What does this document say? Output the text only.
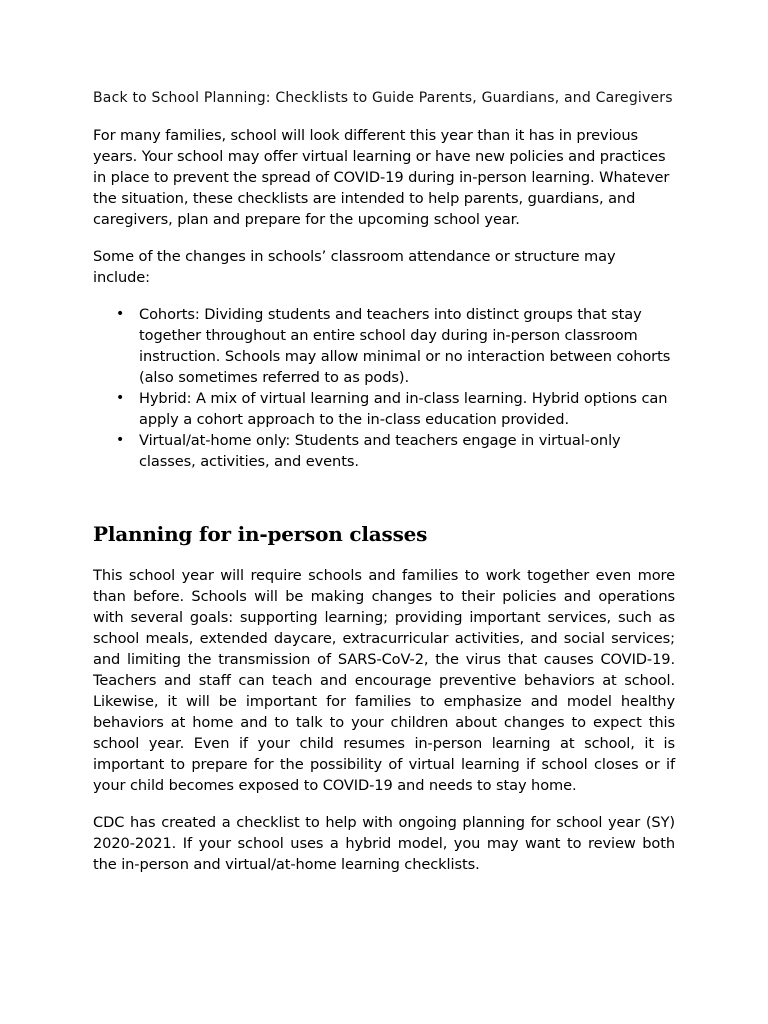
Back to School Planning: Checklists to Guide Parents, Guardians, and Caregivers

For many families, school will look different this year than it has in previous years. Your school may offer virtual learning or have new policies and practices in place to prevent the spread of COVID-19 during in-person learning. Whatever the situation, these checklists are intended to help parents, guardians, and caregivers, plan and prepare for the upcoming school year.

Some of the changes in schools’ classroom attendance or structure may include:

• Cohorts: Dividing students and teachers into distinct groups that stay together throughout an entire school day during in-person classroom instruction. Schools may allow minimal or no interaction between cohorts (also sometimes referred to as pods).
• Hybrid: A mix of virtual learning and in-class learning. Hybrid options can apply a cohort approach to the in-class education provided.
• Virtual/at-home only: Students and teachers engage in virtual-only classes, activities, and events.
Planning for in-person classes

This school year will require schools and families to work together even more than before. Schools will be making changes to their policies and operations with several goals: supporting learning; providing important services, such as school meals, extended daycare, extracurricular activities, and social services; and limiting the transmission of SARS-CoV-2, the virus that causes COVID-19. Teachers and staff can teach and encourage preventive behaviors at school. Likewise, it will be important for families to emphasize and model healthy behaviors at home and to talk to your children about changes to expect this school year. Even if your child resumes in-person learning at school, it is important to prepare for the possibility of virtual learning if school closes or if your child becomes exposed to COVID-19 and needs to stay home.

CDC has created a checklist to help with ongoing planning for school year (SY) 2020-2021. If your school uses a hybrid model, you may want to review both the in-person and virtual/at-home learning checklists.
